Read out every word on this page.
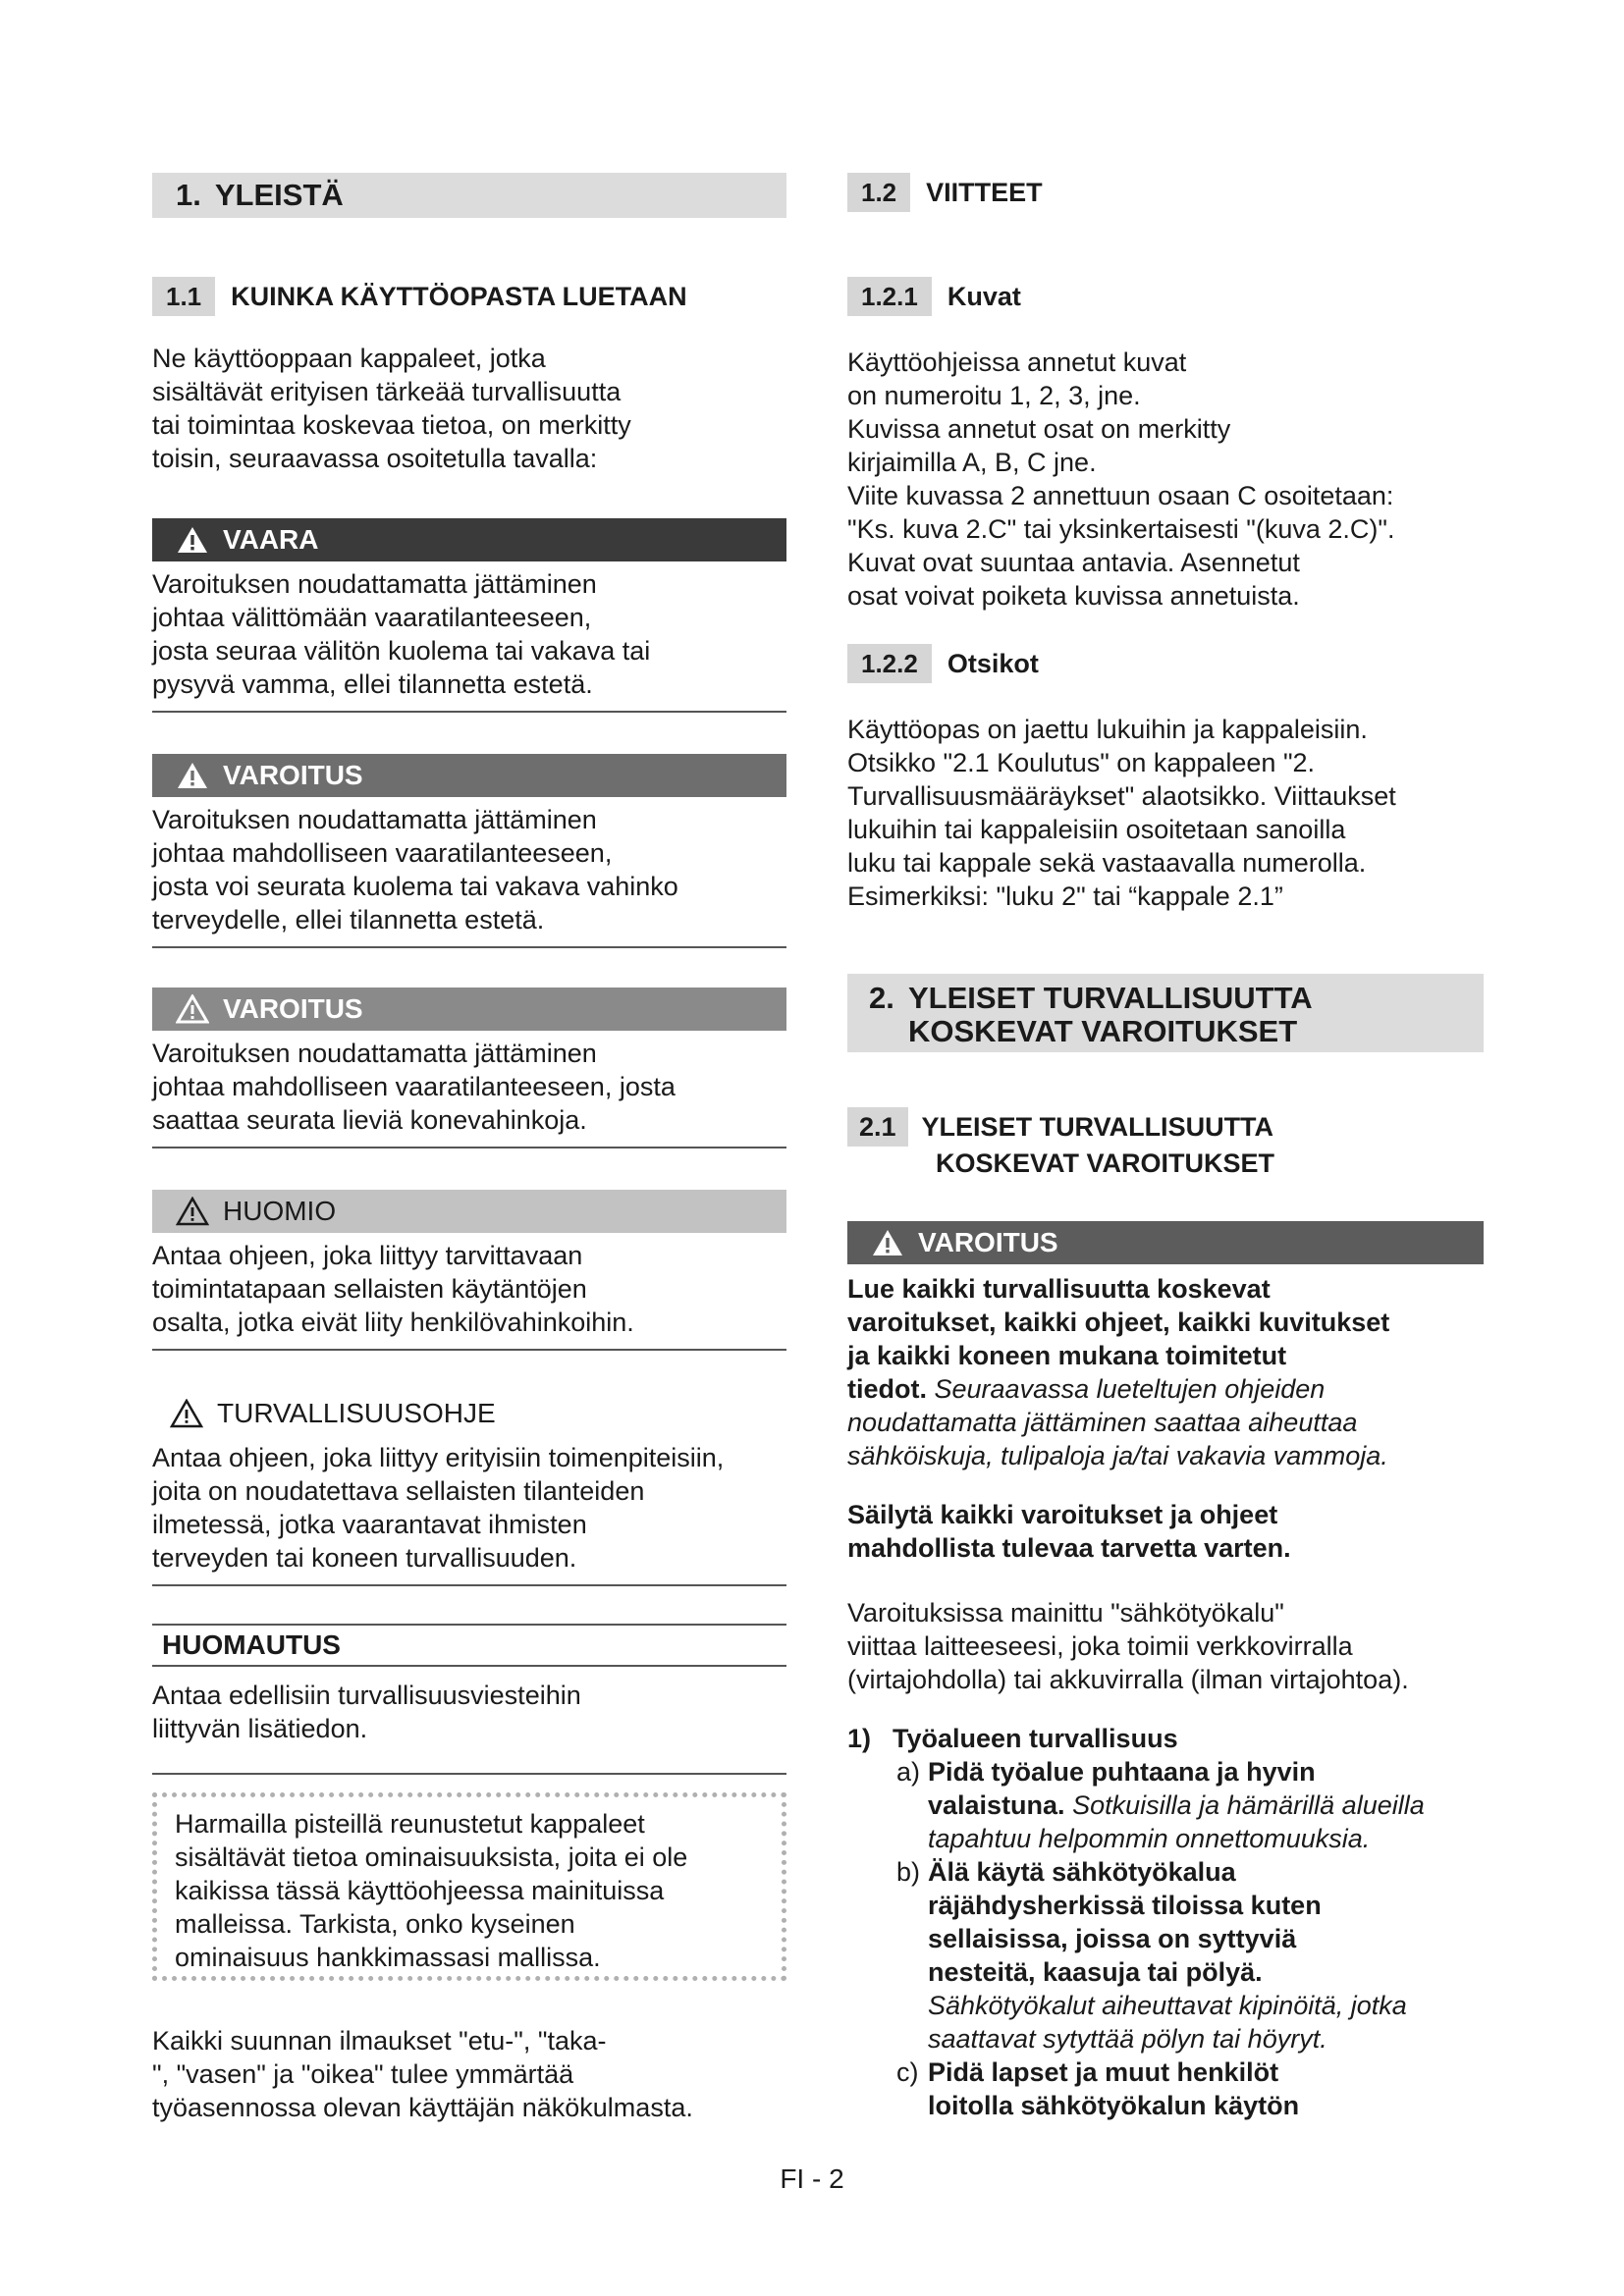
1. YLEISTÄ
1.1	KUINKA KÄYTTÖOPASTA LUETAAN

Ne käyttöoppaan kappaleet, jotka
sisältävät erityisen tärkeää turvallisuutta
tai toimintaa koskevaa tietoa, on merkitty
toisin, seuraavassa osoitetulla tavalla:

VAARA

Varoituksen noudattamatta jättäminen
johtaa välittömään vaaratilanteeseen,
josta seuraa välitön kuolema tai vakava tai
pysyvä vamma, ellei tilannetta estetä.

VAROITUS

Varoituksen noudattamatta jättäminen
johtaa mahdolliseen vaaratilanteeseen,
josta voi seurata kuolema tai vakava vahinko
terveydelle, ellei tilannetta estetä.

VAROITUS

Varoituksen noudattamatta jättäminen
johtaa mahdolliseen vaaratilanteeseen, josta
saattaa seurata lieviä konevahinkoja.

HUOMIO

Antaa ohjeen, joka liittyy tarvittavaan
toimintatapaan sellaisten käytäntöjen
osalta, jotka eivät liity henkilövahinkoihin.

TURVALLISUUSOHJE

Antaa ohjeen, joka liittyy erityisiin toimenpiteisiin,
joita on noudatettava sellaisten tilanteiden
ilmetessä, jotka vaarantavat ihmisten
terveyden tai koneen turvallisuuden.

HUOMAUTUS

Antaa edellisiin turvallisuusviesteihin
liittyvän lisätiedon.

Harmailla pisteillä reunustetut kappaleet
sisältävät tietoa ominaisuuksista, joita ei ole
kaikissa tässä käyttöohjeessa mainituissa
malleissa. Tarkista, onko kyseinen
ominaisuus hankkimassasi mallissa.

Kaikki suunnan ilmaukset "etu-", "taka-
", "vasen" ja "oikea" tulee ymmärtää
työasennossa olevan käyttäjän näkökulmasta.

1.2	VIITTEET
1.2.1	Kuvat

Käyttöohjeissa annetut kuvat
on numeroitu 1, 2, 3, jne.
Kuvissa annetut osat on merkitty
kirjaimilla A, B, C jne.
Viite kuvassa 2 annettuun osaan C osoitetaan:
"Ks. kuva 2.C" tai yksinkertaisesti "(kuva 2.C)".
Kuvat ovat suuntaa antavia. Asennetut
osat voivat poiketa kuvissa annetuista.

1.2.2	Otsikot

Käyttöopas on jaettu lukuihin ja kappaleisiin.
Otsikko "2.1 Koulutus" on kappaleen "2.
Turvallisuusmääräykset" alaotsikko. Viittaukset
lukuihin tai kappaleisiin osoitetaan sanoilla
luku tai kappale sekä vastaavalla numerolla.
Esimerkiksi: "luku 2" tai “kappale 2.1”

2. YLEISET TURVALLISUUTTA
KOSKEVAT VAROITUKSET
2.1 YLEISET TURVALLISUUTTA
KOSKEVAT VAROITUKSET
VAROITUS

Lue kaikki turvallisuutta koskevat
varoitukset, kaikki ohjeet, kaikki kuvitukset
ja kaikki koneen mukana toimitetut
tiedot. Seuraavassa lueteltujen ohjeiden
noudattamatta jättäminen saattaa aiheuttaa
sähköiskuja, tulipaloja ja/tai vakavia vammoja.

Säilytä kaikki varoitukset ja ohjeet
mahdollista tulevaa tarvetta varten.

Varoituksissa mainittu "sähkötyökalu"
viittaa laitteeseesi, joka toimii verkkovirralla
(virtajohdolla) tai akkuvirralla (ilman virtajohtoa).

1) Työalueen turvallisuus
a) Pidä työalue puhtaana ja hyvin
valaistuna. Sotkuisilla ja hämärillä alueilla
tapahtuu helpommin onnettomuuksia.
b) Älä käytä sähkötyökalua
räjähdysherkissä tiloissa kuten
sellaisissa, joissa on syttyviä
nesteitä, kaasuja tai pölyä.
Sähkötyökalut aiheuttavat kipinöitä, jotka
saattavat sytyttää pölyn tai höyryt.
c) Pidä lapset ja muut henkilöt
loitolla sähkötyökalun käytön
FI - 2
